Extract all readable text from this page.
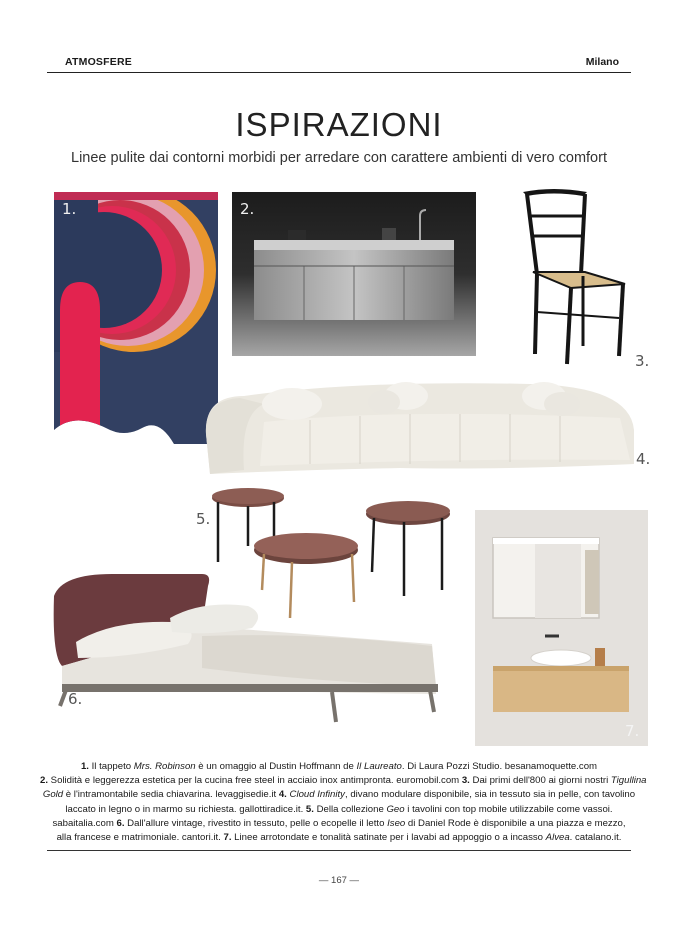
ATMOSFERE	Milano
ISPIRAZIONI
Linee pulite dai contorni morbidi per arredare con carattere ambienti di vero comfort
1.	2.
3.
4.
5.
7.
6.

1. Il tappeto Mrs. Robinson è un omaggio al Dustin Hoffmann de Il Laureato. Di Laura Pozzi Studio. besanamoquette.com

2. Solidità e leggerezza estetica per la cucina free steel in acciaio inox antimpronta. euromobil.com 3. Dai primi dell'800 ai giorni nostri Tigullina

Gold è l'intramontabile sedia chiavarina. levaggisedie.it 4. Cloud Infinity, divano modulare disponibile, sia in tessuto sia in pelle, con tavolino

laccato in legno o in marmo su richiesta. gallottiradice.it. 5. Della collezione Geo i tavolini con top mobile utilizzabile come vassoi.

sabaitalia.com 6. Dall'allure vintage, rivestito in tessuto, pelle o ecopelle il letto Iseo di Daniel Rode è disponibile a una piazza e mezzo,

alla francese e matrimoniale. cantori.it. 7. Linee arrotondate e tonalità satinate per i lavabi ad appoggio o a incasso Alvea. catalano.it.

— 167 —
